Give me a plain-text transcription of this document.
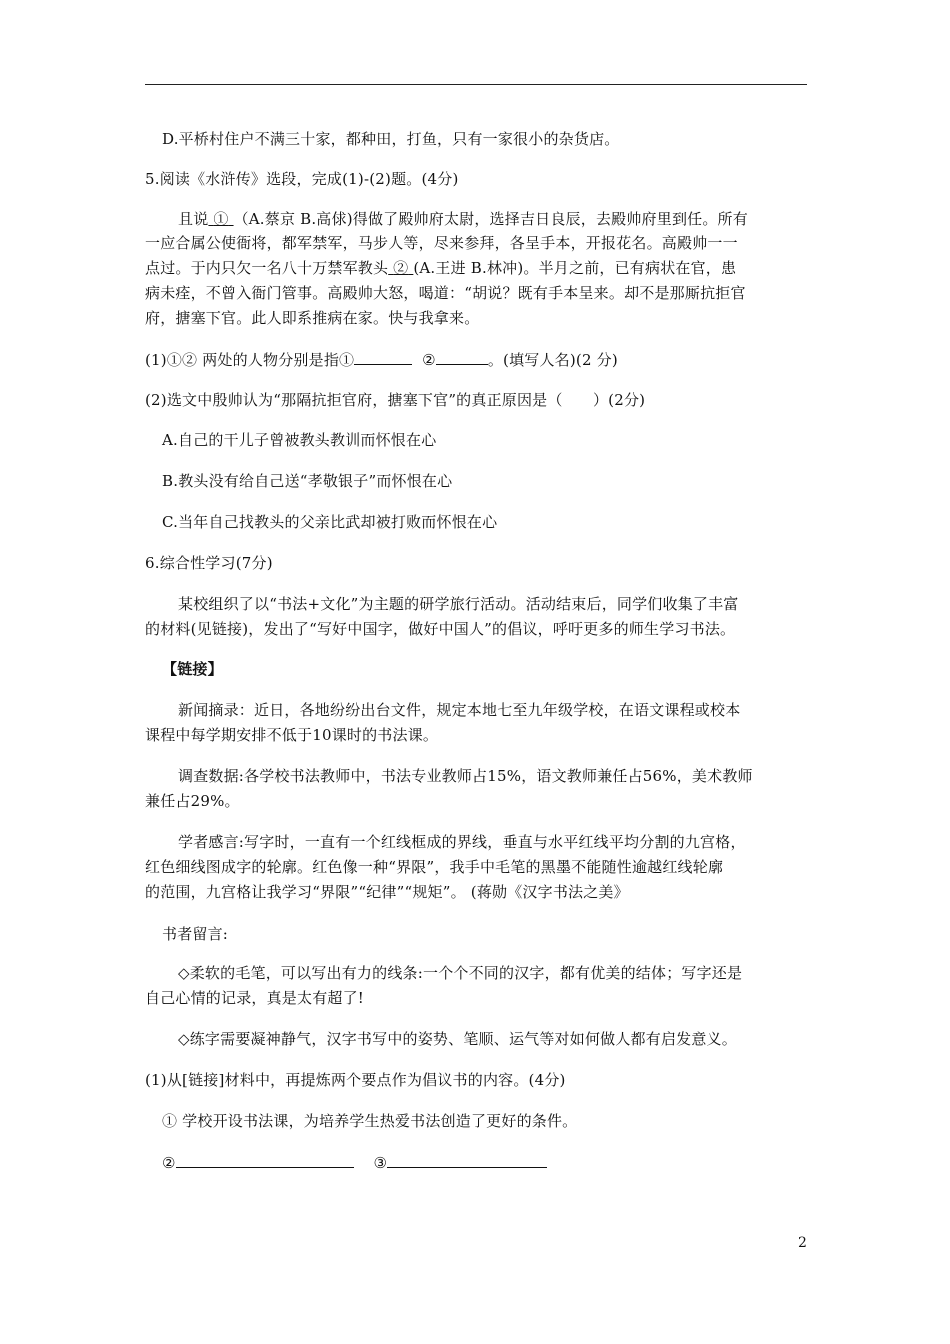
D.平桥村住户不满三十家，都种田，打鱼，只有一家很小的杂货店。
5.阅读《水浒传》选段，完成(1)-(2)题。(4分)
且说 ① （A.蔡京 B.高俅)得做了殿帅府太尉，选择吉日良辰，去殿帅府里到任。所有
一应合属公使衙将，都军禁军，马步人等，尽来参拜，各呈手本，开报花名。高殿帅一一
点过。于内只欠一名八十万禁军教头 ② (A.王进 B.林冲)。半月之前，已有病状在官，患
病未痊，不曾入衙门管事。高殿帅大怒，喝道：“胡说？既有手本呈来。却不是那厮抗拒官
府，搪塞下官。此人即系推病在家。快与我拿来。
(1)①② 两处的人物分别是指①	②	。(填写人名)(2 分)
(2)选文中殷帅认为“那隔抗拒官府，搪塞下官”的真正原因是（　　）(2分)
A.自己的干儿子曾被教头教训而怀恨在心
B.教头没有给自己送“孝敬银子”而怀恨在心
C.当年自己找教头的父亲比武却被打败而怀恨在心
6.综合性学习(7分)
某校组织了以“书法+文化”为主题的研学旅行活动。活动结束后，同学们收集了丰富
的材料(见链接)，发出了“写好中国字，做好中国人”的倡议，呼吁更多的师生学习书法。
【链接】
新闻摘录：近日，各地纷纷出台文件，规定本地七至九年级学校，在语文课程或校本
课程中每学期安排不低于10课时的书法课。
调查数据:各学校书法教师中，书法专业教师占15%，语文教师兼任占56%，美术教师
兼任占29%。
学者感言:写字时，一直有一个红线框成的界线，垂直与水平红线平均分割的九宫格，
红色细线图成字的轮廓。红色像一种“界限”，我手中毛笔的黑墨不能随性逾越红线轮廓
的范围，九宫格让我学习“界限”“纪律”“规矩”。 (蒋勋《汉字书法之美》
书者留言:
◇柔软的毛笔，可以写出有力的线条:一个个不同的汉字，都有优美的结体；写字还是
自己心情的记录，真是太有超了!
◇练字需要凝神静气，汉字书写中的姿势、笔顺、运气等对如何做人都有启发意义。
(1)从[链接]材料中，再提炼两个要点作为倡议书的内容。(4分)
① 学校开设书法课，为培养学生热爱书法创造了更好的条件。
②	③
2
